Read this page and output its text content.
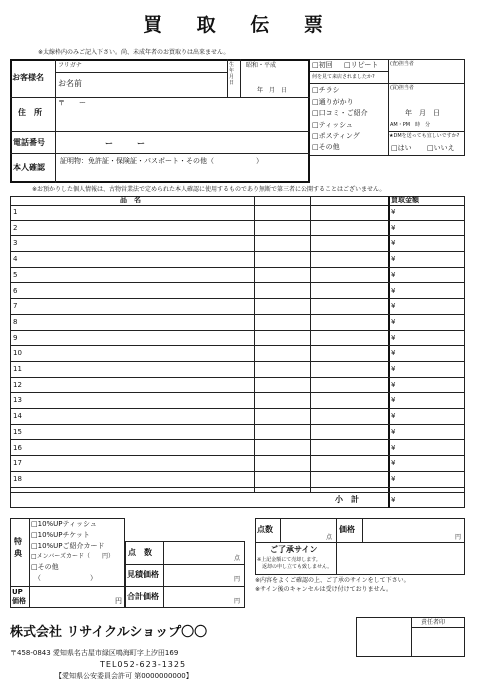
買 取 伝 票
※太線枠内のみご記入下さい。尚、未成年者のお買取りは出来ません。
お客様名
フリガナ
お名前
生年月日
昭和・平成
年　月　日
住　所
〒　　ー
電話番号	ー　　　ー
本人確認
証明物：免許証・保険証・パスポート・その他（　　　　　　）
□ 初回 □	リピート
何を見て来店されましたか?
□ チラシ
□ 通りがかり
□ 口コミ・ご紹介
□ ティッシュ
□ ポスティング
□ その他
(査)担当者
(買)担当者
年　月　日
AM・PM　時　分
★DMを送っても宜しいですか?
□ はい □	いいえ
※お預かりした個人情報は、古物営業法で定められた本人確認に使用するものであり無断で第三者に公開することはございません。
品　名	買取金額
1	¥
2	¥
3	¥
4	¥
5	¥
6	¥
7	¥
8	¥
9	¥
10	¥
11	¥
12	¥
13	¥
14	¥
15	¥
16	¥
17	¥
18	¥
小　計	¥
特典
□ 10%UPティッシュ
□ 10%UPチケット
□ 10%UPご紹介カード
□ メンバーズカード（　　円）
□ その他
（　　　　　　　）
UP価格	円
点　数
点
見積価格
円
合計価格
円
点数
点
価格
円
ご了承サイン
※上記金額にて売却します。
返却の申し立ても致しません。
※内容をよくご確認の上、ご了承のサインをして下さい。
※サイン後のキャンセルは受け付けておりません。
株式会社 リサイクルショップ〇〇
〒458-0843 愛知県名古屋市緑区鳴海町字上汐田169
TEL052-623-1325
【愛知県公安委員会許可 第0000000000】
責任者印
